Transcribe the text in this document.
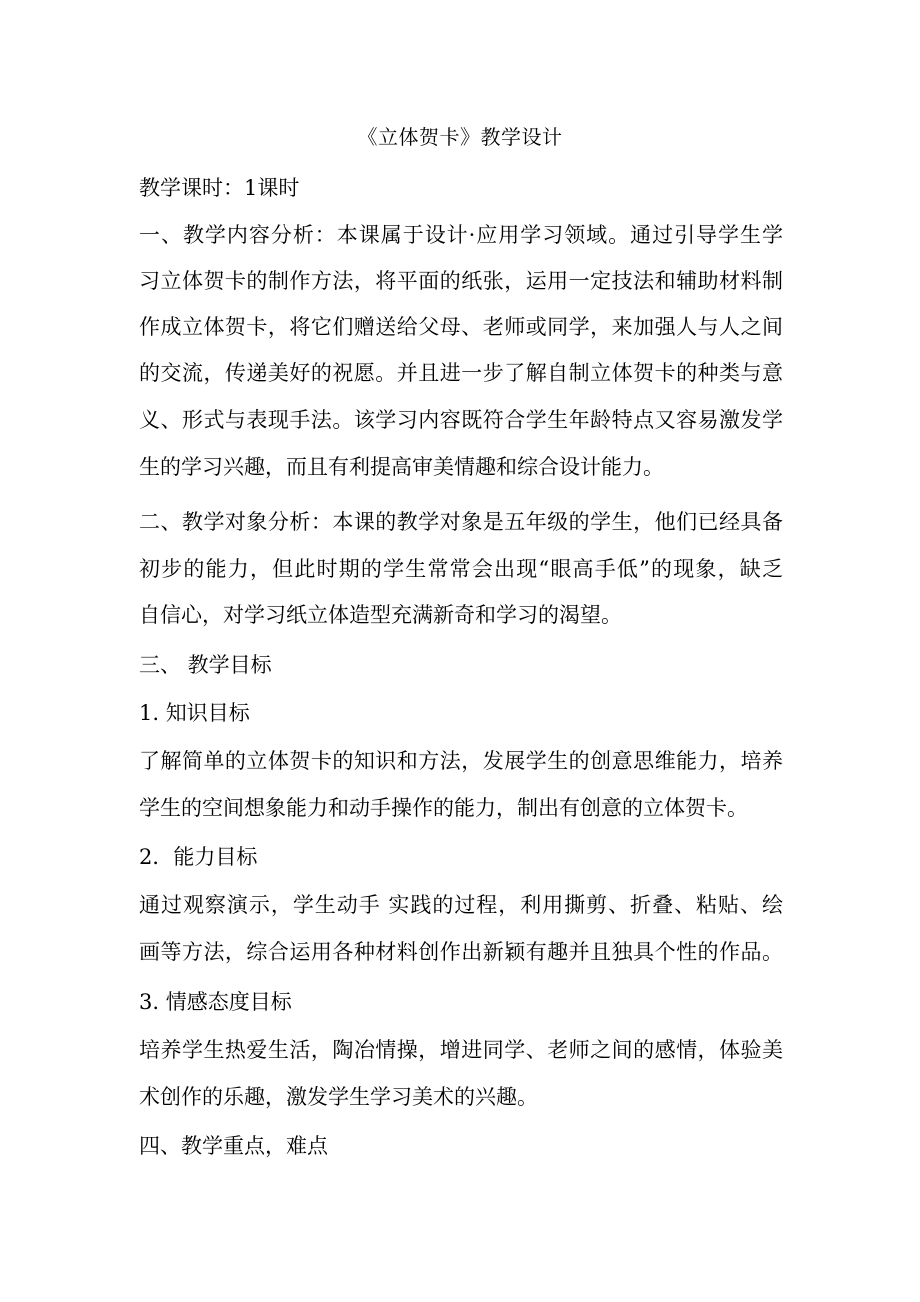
《立体贺卡》教学设计
教学课时：1课时
一、教学内容分析：本课属于设计·应用学习领域。通过引导学生学
习立体贺卡的制作方法，将平面的纸张，运用一定技法和辅助材料制
作成立体贺卡，将它们赠送给父母、老师或同学，来加强人与人之间
的交流，传递美好的祝愿。并且进一步了解自制立体贺卡的种类与意
义、形式与表现手法。该学习内容既符合学生年龄特点又容易激发学
生的学习兴趣，而且有利提高审美情趣和综合设计能力。
二、教学对象分析：本课的教学对象是五年级的学生，他们已经具备
初步的能力，但此时期的学生常常会出现“眼高手低”的现象，缺乏
自信心，对学习纸立体造型充满新奇和学习的渴望。
三、 教学目标
1. 知识目标
了解简单的立体贺卡的知识和方法，发展学生的创意思维能力，培养
学生的空间想象能力和动手操作的能力，制出有创意的立体贺卡。
2．能力目标
通过观察演示，学生动手 实践的过程，利用撕剪、折叠、粘贴、绘
画等方法，综合运用各种材料创作出新颖有趣并且独具个性的作品。
3. 情感态度目标
培养学生热爱生活，陶冶情操，增进同学、老师之间的感情，体验美
术创作的乐趣，激发学生学习美术的兴趣。
四、教学重点，难点
